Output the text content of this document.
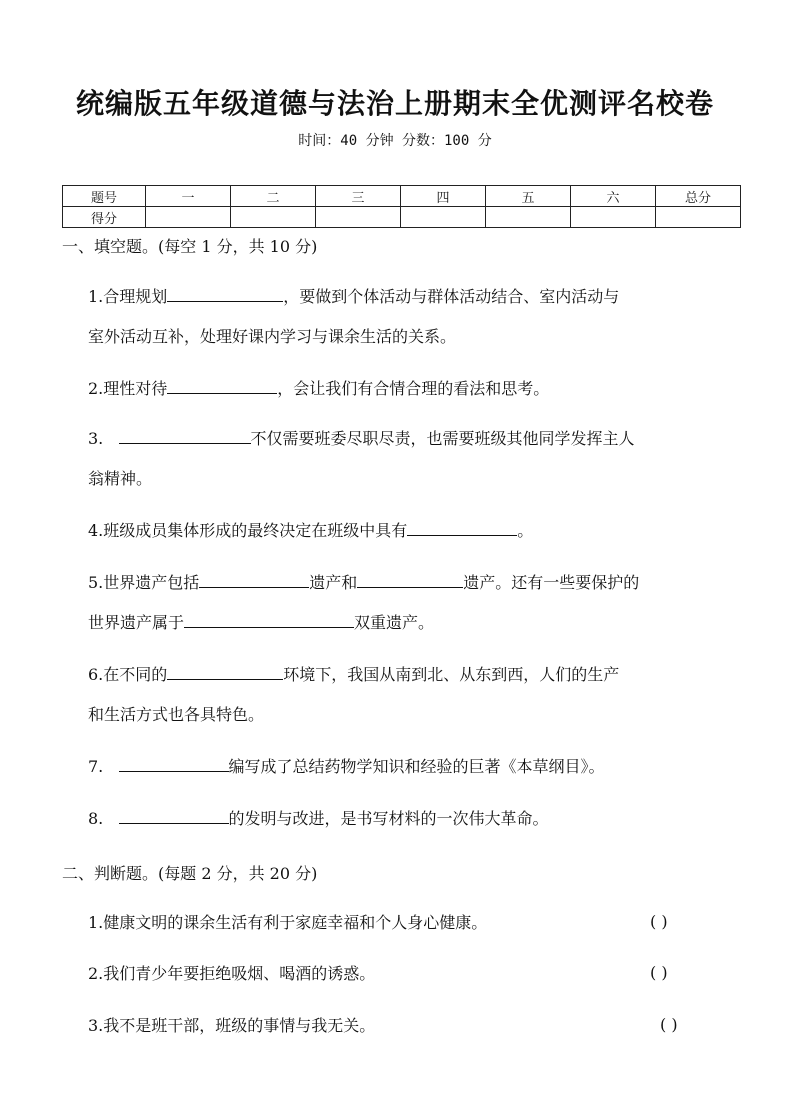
统编版五年级道德与法治上册期末全优测评名校卷
时间：40 分钟 分数：100 分
题号	一	二	三	四	五	六	总分
得分							
一、填空题。(每空 1 分，共 10 分)
1.合理规划	，要做到个体活动与群体活动结合、室内活动与
室外活动互补，处理好课内学习与课余生活的关系。
2.理性对待	，会让我们有合情合理的看法和思考。
3.	不仅需要班委尽职尽责，也需要班级其他同学发挥主人
翁精神。
4.班级成员集体形成的最终决定在班级中具有	。
5.世界遗产包括	遗产和	遗产。还有一些要保护的
世界遗产属于	双重遗产。
6.在不同的	环境下，我国从南到北、从东到西，人们的生产
和生活方式也各具特色。
7.	编写成了总结药物学知识和经验的巨著《本草纲目》。
8.	的发明与改进，是书写材料的一次伟大革命。
二、判断题。(每题 2 分，共 20 分)
1.健康文明的课余生活有利于家庭幸福和个人身心健康。	( )
2.我们青少年要拒绝吸烟、喝酒的诱惑。	( )
3.我不是班干部，班级的事情与我无关。	( )
